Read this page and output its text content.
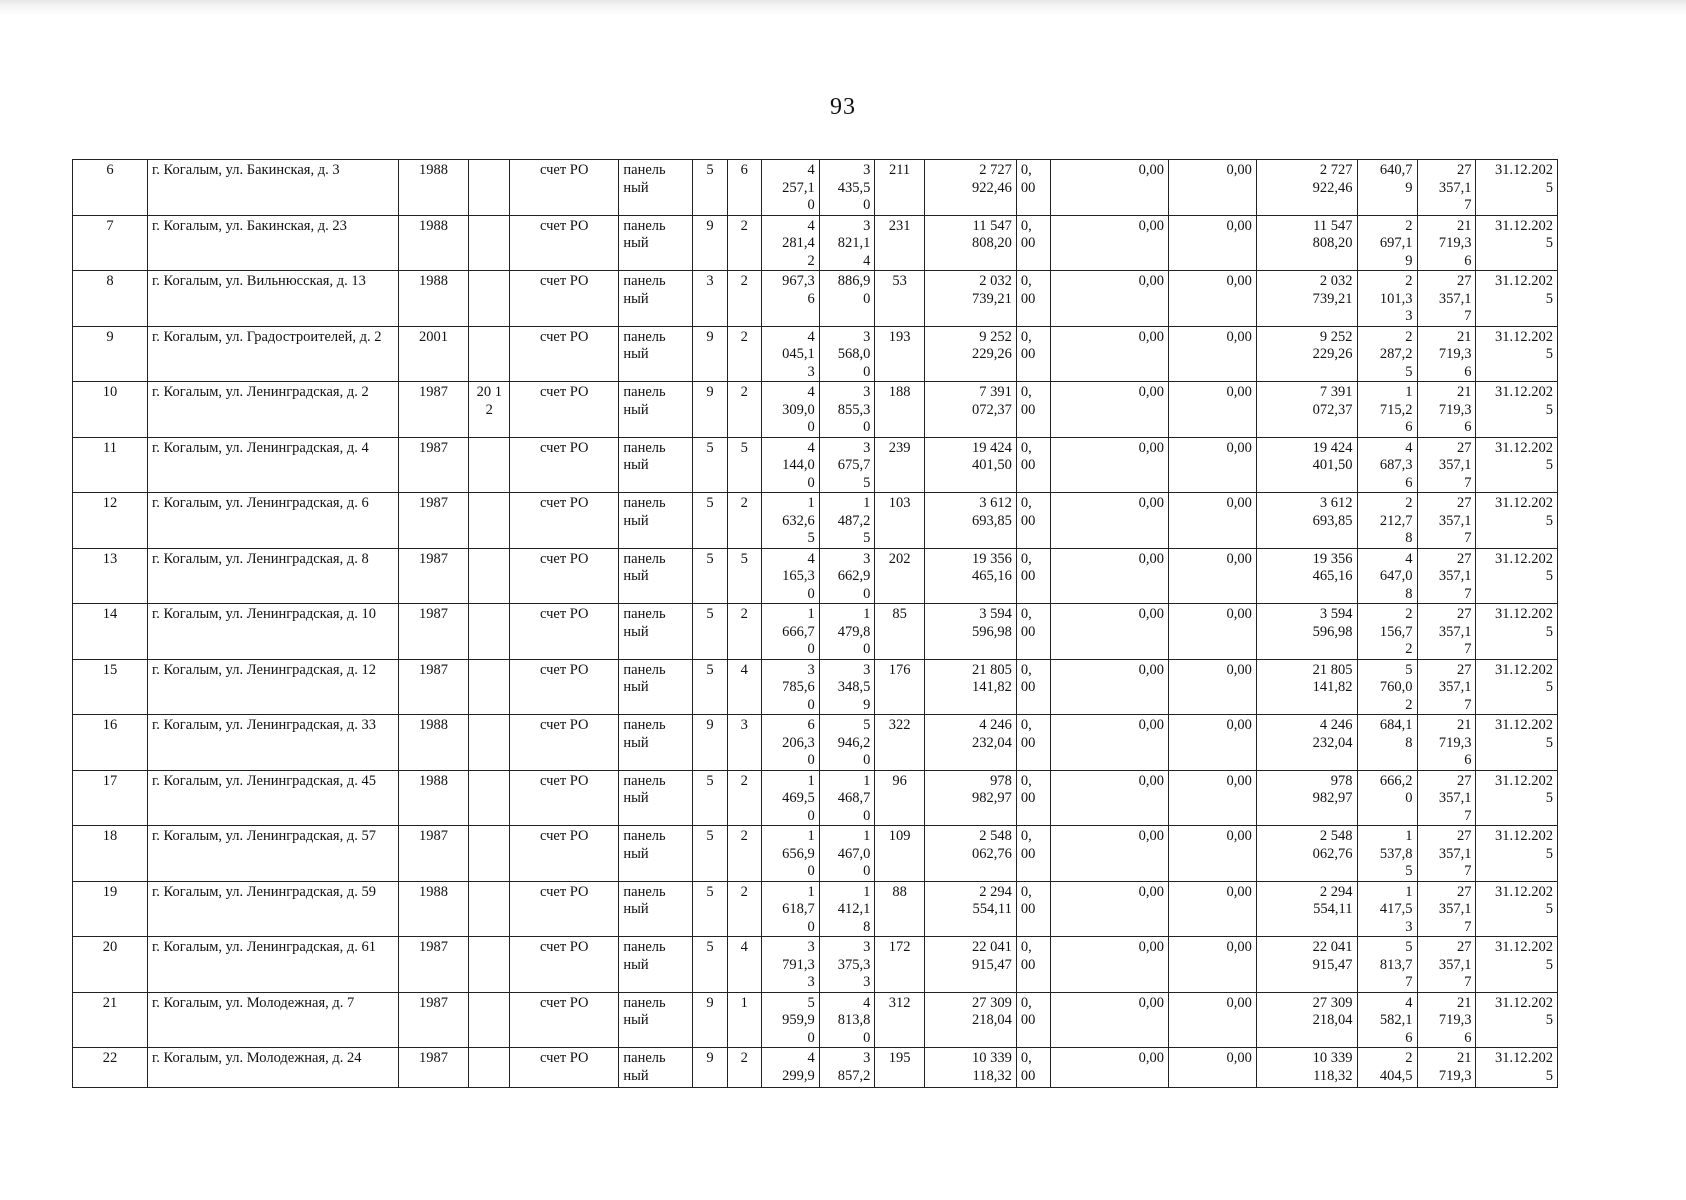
93
6	г. Когалым, ул. Бакинская, д. 3	1988		счет РО	панель
ный	5	6	4
257,1
0	3
435,5
0	211	2 727
922,46	0,
00	0,00	0,00	2 727
922,46	640,7
9	27
357,1
7	31.12.202
5

7	г. Когалым, ул. Бакинская, д. 23	1988		счет РО	панель
ный	9	2	4
281,4
2	3
821,1
4	231	11 547
808,20	0,
00	0,00	0,00	11 547
808,20	2
697,1
9	21
719,3
6	31.12.202
5

8	г. Когалым, ул. Вильнюсская, д. 13	1988		счет РО	панель
ный	3	2	967,3
6	886,9
0	53	2 032
739,21	0,
00	0,00	0,00	2 032
739,21	2
101,3
3	27
357,1
7	31.12.202
5

9	г. Когалым, ул. Градостроителей, д. 2	2001		счет РО	панель
ный	9	2	4
045,1
3	3
568,0
0	193	9 252
229,26	0,
00	0,00	0,00	9 252
229,26	2
287,2
5	21
719,3
6	31.12.202
5

10	г. Когалым, ул. Ленинградская, д. 2	1987	20 12	счет РО	панель
ный	9	2	4
309,0
0	3
855,3
0	188	7 391
072,37	0,
00	0,00	0,00	7 391
072,37	1
715,2
6	21
719,3
6	31.12.202
5

11	г. Когалым, ул. Ленинградская, д. 4	1987		счет РО	панель
ный	5	5	4
144,0
0	3
675,7
5	239	19 424
401,50	0,
00	0,00	0,00	19 424
401,50	4
687,3
6	27
357,1
7	31.12.202
5

12	г. Когалым, ул. Ленинградская, д. 6	1987		счет РО	панель
ный	5	2	1
632,6
5	1
487,2
5	103	3 612
693,85	0,
00	0,00	0,00	3 612
693,85	2
212,7
8	27
357,1
7	31.12.202
5

13	г. Когалым, ул. Ленинградская, д. 8	1987		счет РО	панель
ный	5	5	4
165,3
0	3
662,9
0	202	19 356
465,16	0,
00	0,00	0,00	19 356
465,16	4
647,0
8	27
357,1
7	31.12.202
5

14	г. Когалым, ул. Ленинградская, д. 10	1987		счет РО	панель
ный	5	2	1
666,7
0	1
479,8
0	85	3 594
596,98	0,
00	0,00	0,00	3 594
596,98	2
156,7
2	27
357,1
7	31.12.202
5

15	г. Когалым, ул. Ленинградская, д. 12	1987		счет РО	панель
ный	5	4	3
785,6
0	3
348,5
9	176	21 805
141,82	0,
00	0,00	0,00	21 805
141,82	5
760,0
2	27
357,1
7	31.12.202
5

16	г. Когалым, ул. Ленинградская, д. 33	1988		счет РО	панель
ный	9	3	6
206,3
0	5
946,2
0	322	4 246
232,04	0,
00	0,00	0,00	4 246
232,04	684,1
8	21
719,3
6	31.12.202
5

17	г. Когалым, ул. Ленинградская, д. 45	1988		счет РО	панель
ный	5	2	1
469,5
0	1
468,7
0	96	978
982,97	0,
00	0,00	0,00	978
982,97	666,2
0	27
357,1
7	31.12.202
5

18	г. Когалым, ул. Ленинградская, д. 57	1987		счет РО	панель
ный	5	2	1
656,9
0	1
467,0
0	109	2 548
062,76	0,
00	0,00	0,00	2 548
062,76	1
537,8
5	27
357,1
7	31.12.202
5

19	г. Когалым, ул. Ленинградская, д. 59	1988		счет РО	панель
ный	5	2	1
618,7
0	1
412,1
8	88	2 294
554,11	0,
00	0,00	0,00	2 294
554,11	1
417,5
3	27
357,1
7	31.12.202
5

20	г. Когалым, ул. Ленинградская, д. 61	1987		счет РО	панель
ный	5	4	3
791,3
3	3
375,3
3	172	22 041
915,47	0,
00	0,00	0,00	22 041
915,47	5
813,7
7	27
357,1
7	31.12.202
5

21	г. Когалым, ул. Молодежная, д. 7	1987		счет РО	панель
ный	9	1	5
959,9
0	4
813,8
0	312	27 309
218,04	0,
00	0,00	0,00	27 309
218,04	4
582,1
6	21
719,3
6	31.12.202
5

22	г. Когалым, ул. Молодежная, д. 24	1987		счет РО	панель
ный	9	2	4
299,9	3
857,2	195	10 339
118,32	0,
00	0,00	0,00	10 339
118,32	2
404,5	21
719,3	31.12.202
5
